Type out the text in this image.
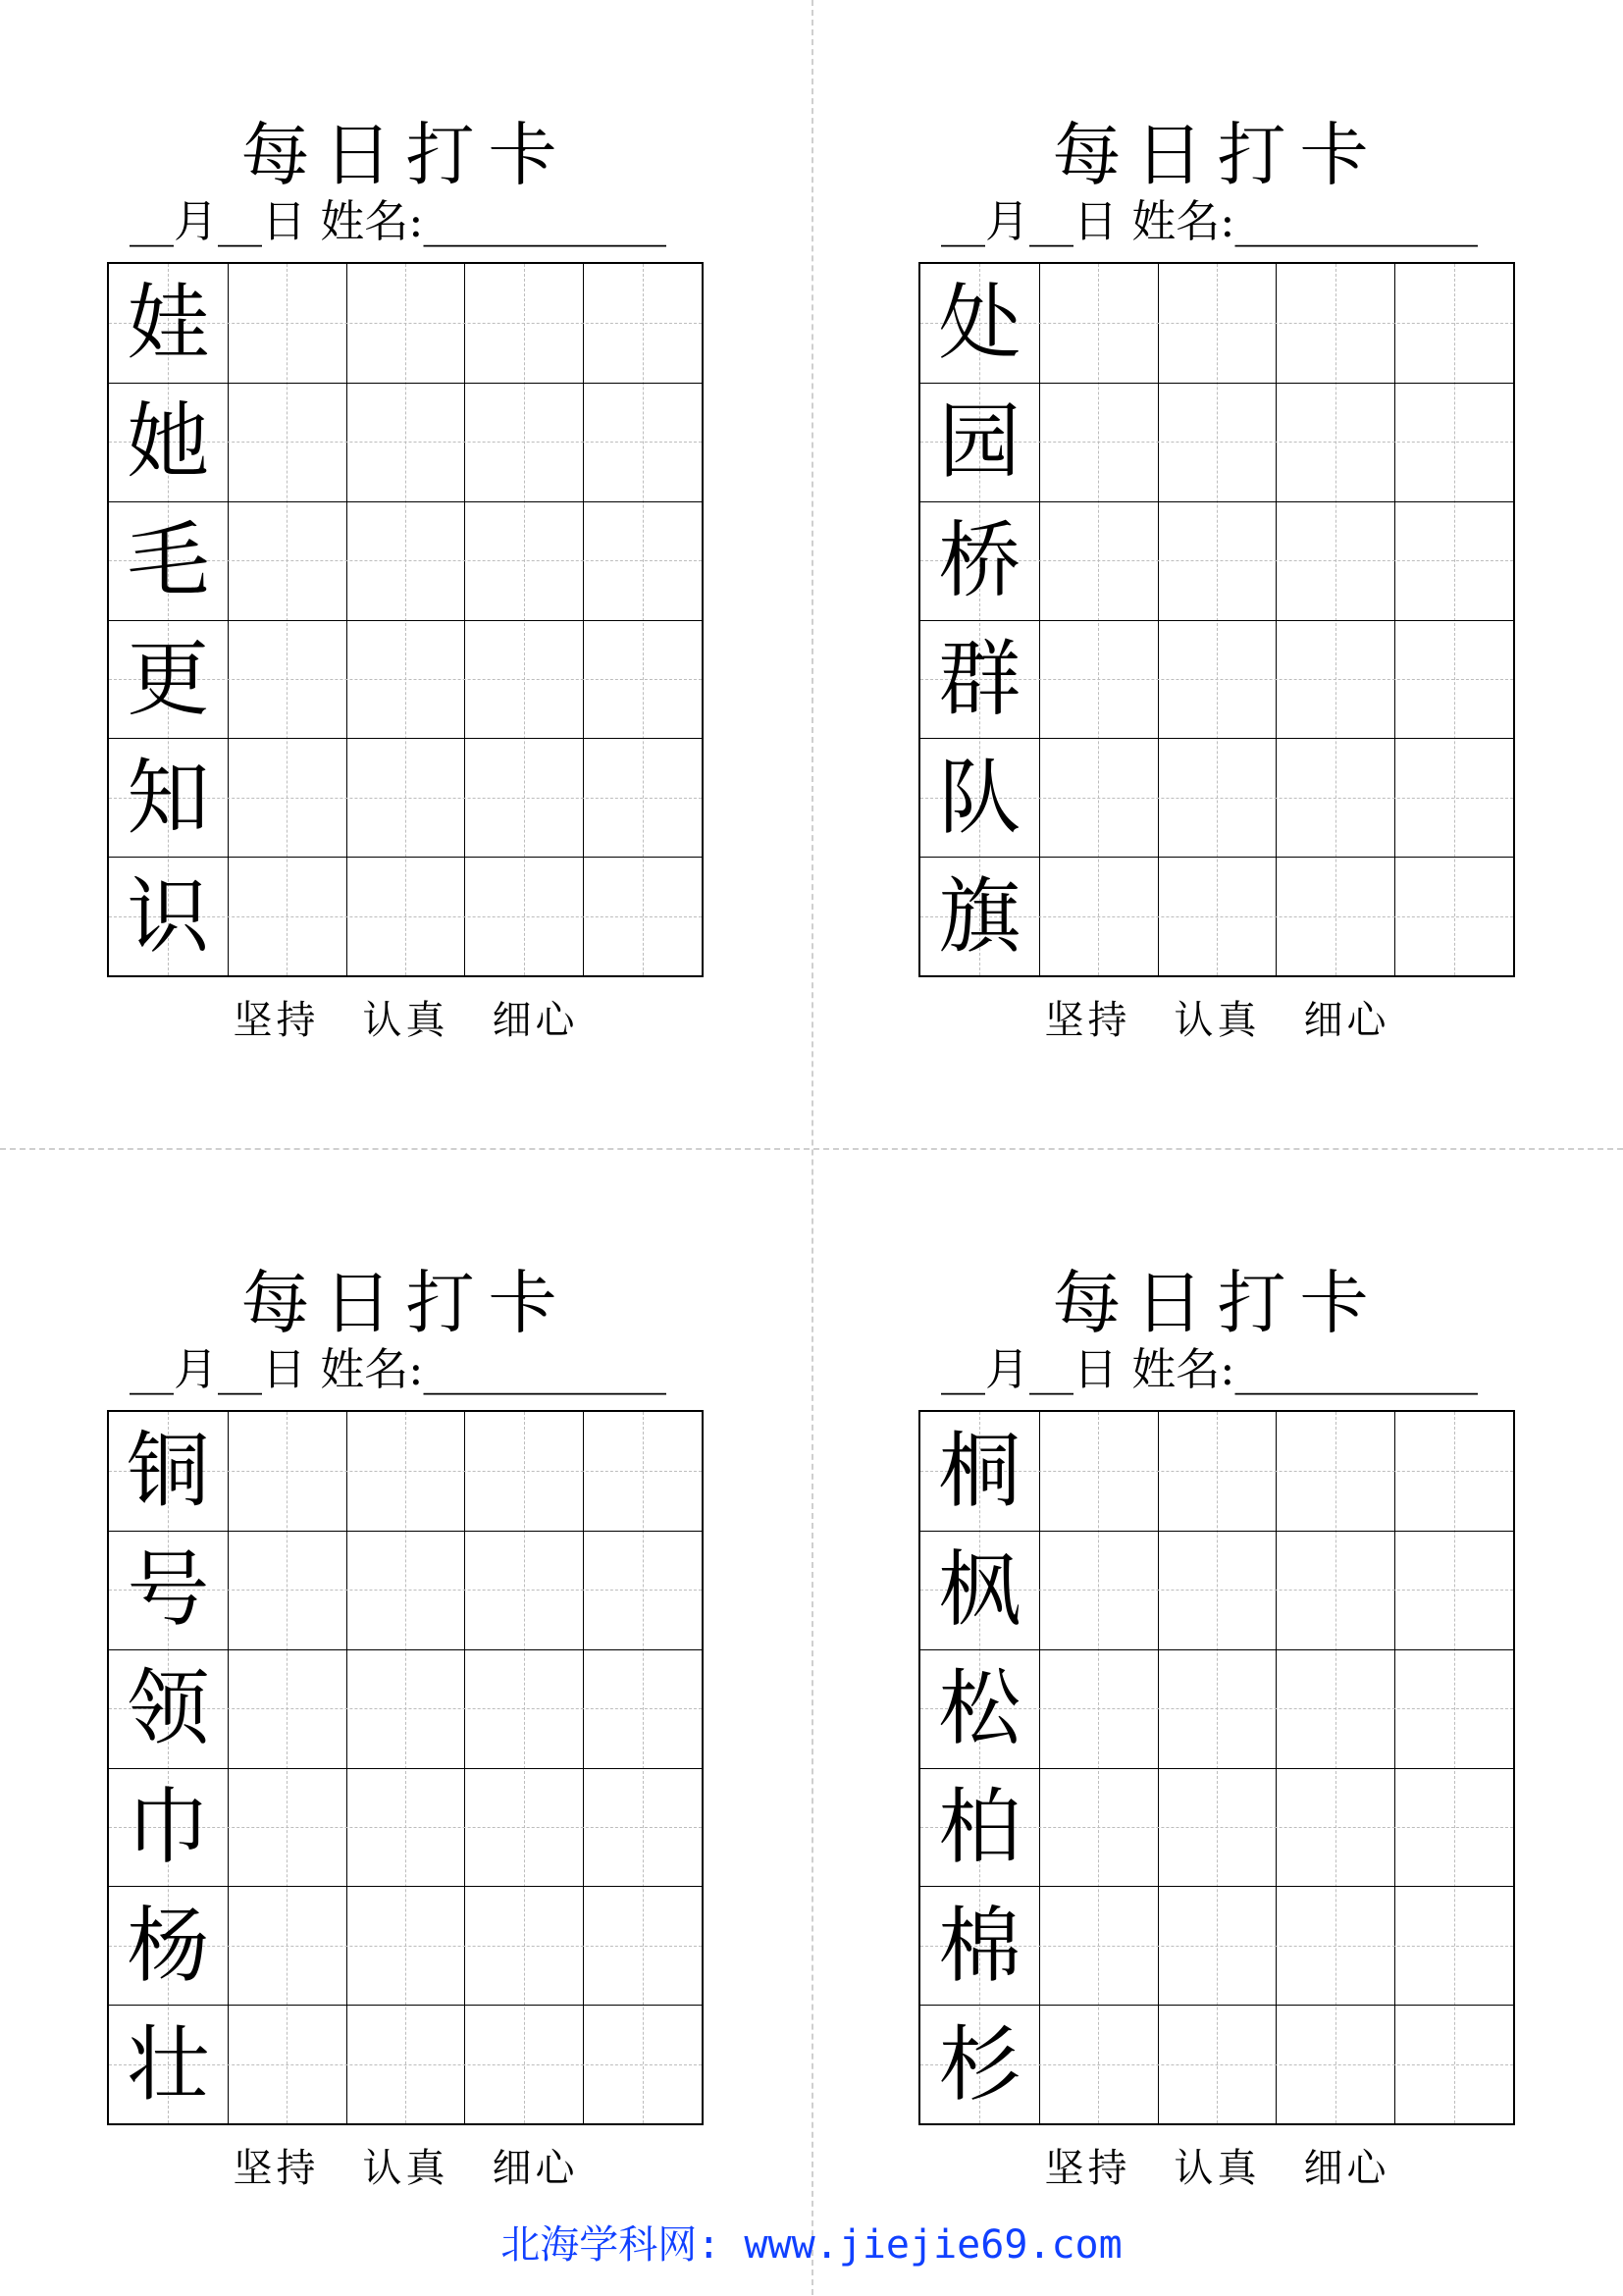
每日打卡
__月__日 姓名:___________
娃
她
毛
更
知
识
坚持 认真 细心
每日打卡
__月__日 姓名:___________
处
园
桥
群
队
旗
坚持 认真 细心
每日打卡
__月__日 姓名:___________
铜
号
领
巾
杨
壮
坚持 认真 细心
每日打卡
__月__日 姓名:___________
桐
枫
松
柏
棉
杉
坚持 认真 细心
北海学科网: www.jiejie69.com
